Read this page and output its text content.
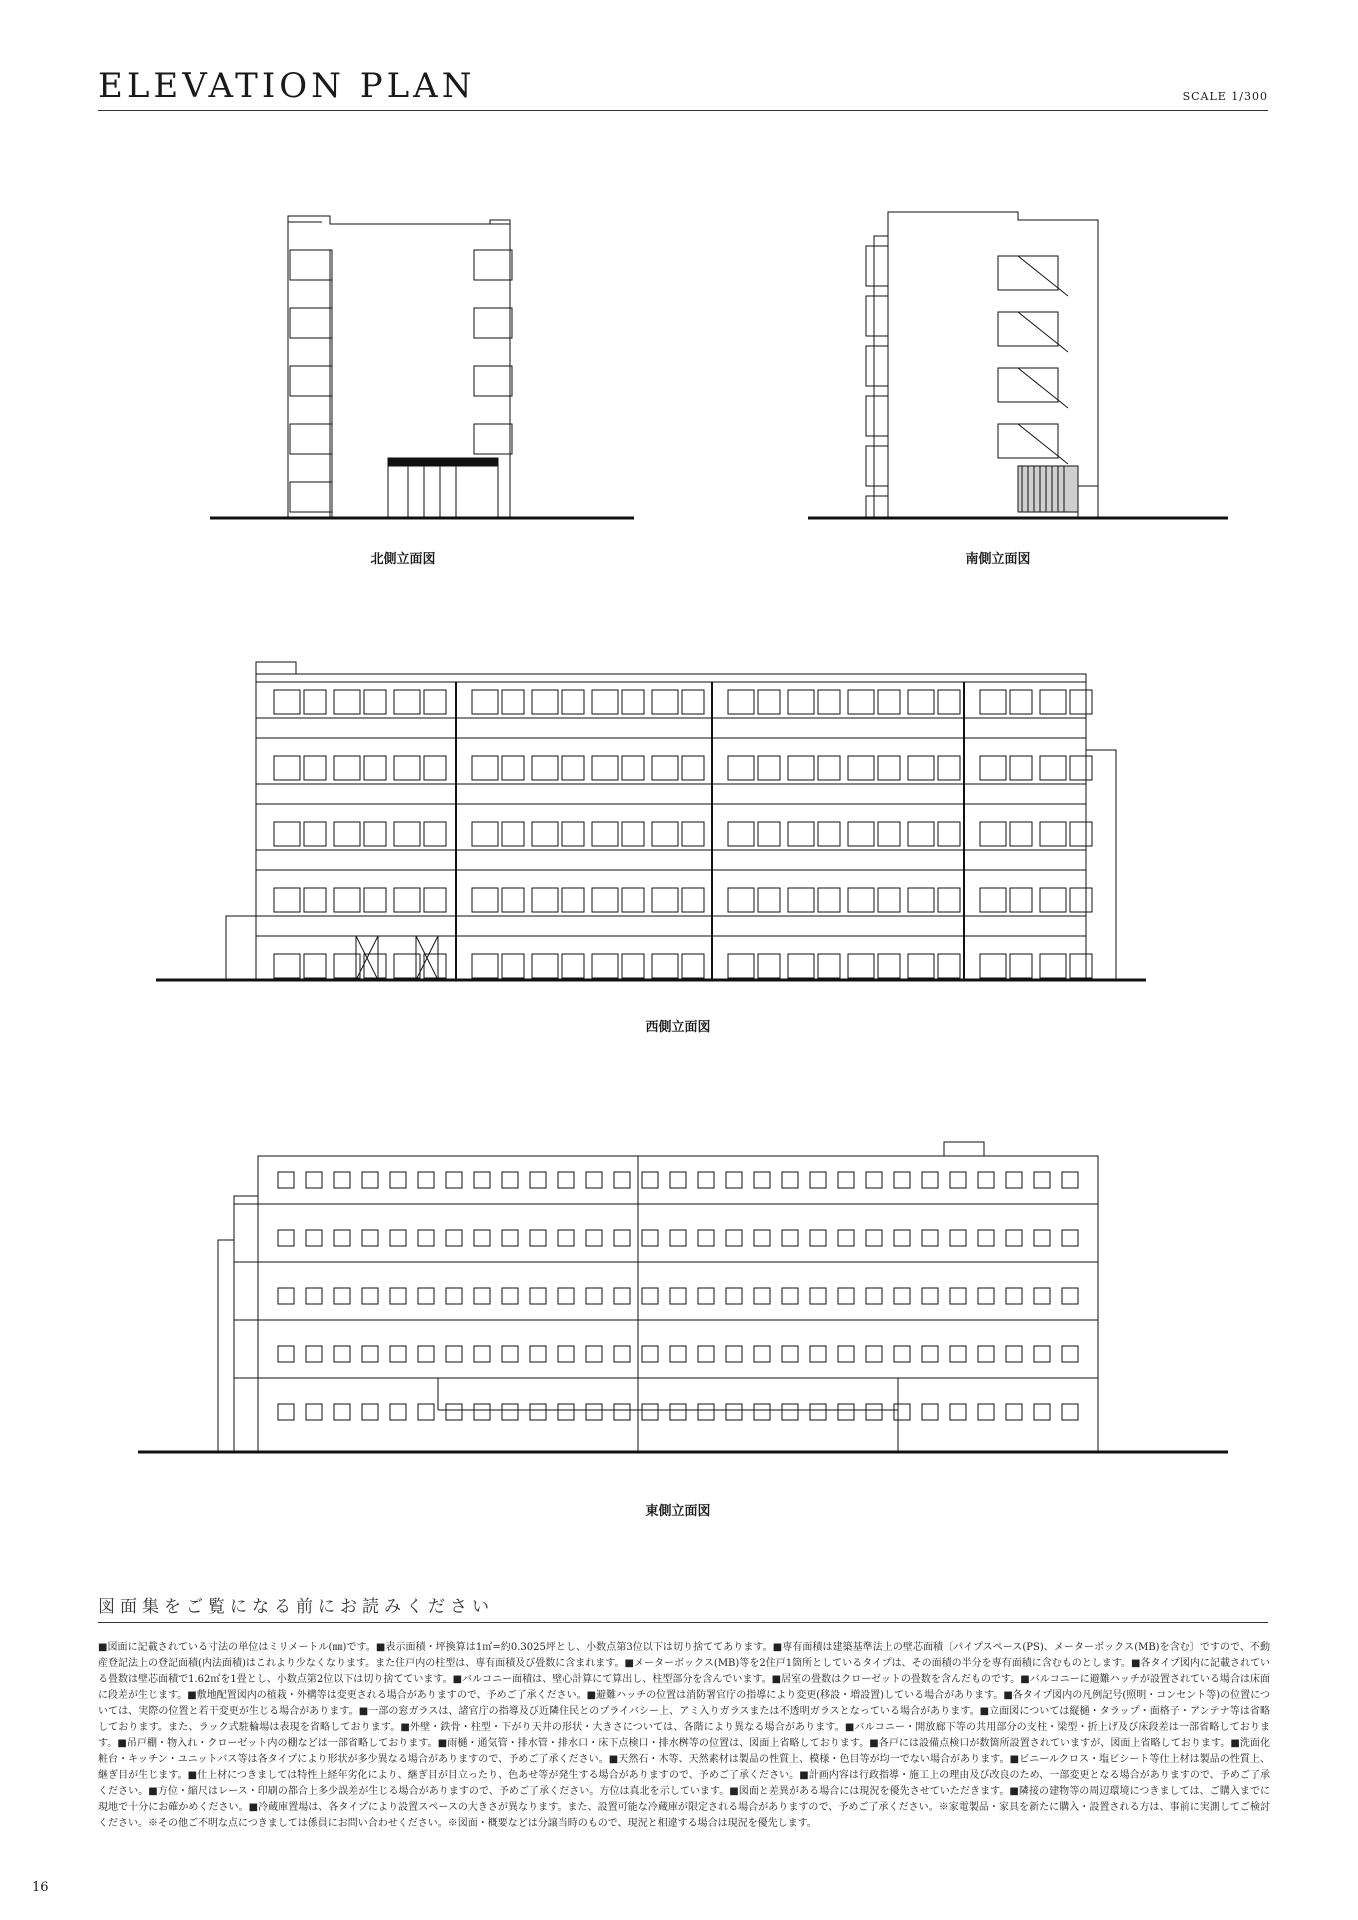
ELEVATION PLAN	SCALE 1/300
北側立面図	南側立面図
西側立面図
東側立面図
図面集をご覧になる前にお読みください
■図面に記載されている寸法の単位はミリメートル(㎜)です。■表示面積・坪換算は1㎡=約0.3025坪とし、小数点第3位以下は切り捨ててあります。■専有面積は建築基準法上の壁芯面積〔パイプスペース(PS)、メーターボックス(MB)を含む〕ですので、不動産登記法上の登記面積(内法面積)はこれより少なくなります。また住戸内の柱型は、専有面積及び畳数に含まれます。■メーターボックス(MB)等を2住戸1箇所としているタイプは、その面積の半分を専有面積に含むものとします。■各タイプ図内に記載されている畳数は壁芯面積で1.62㎡を1畳とし、小数点第2位以下は切り捨てています。■バルコニー面積は、壁心計算にて算出し、柱型部分を含んでいます。■居室の畳数はクローゼットの畳数を含んだものです。■バルコニーに避難ハッチが設置されている場合は床面に段差が生じます。■敷地配置図内の植栽・外構等は変更される場合がありますので、予めご了承ください。■避難ハッチの位置は消防署官庁の指導により変更(移設・増設置)している場合があります。■各タイプ図内の凡例記号(照明・コンセント等)の位置については、実際の位置と若干変更が生じる場合があります。■一部の窓ガラスは、諸官庁の指導及び近隣住民とのプライバシー上、アミ入りガラスまたは不透明ガラスとなっている場合があります。■立面図については縦樋・タラップ・面格子・アンテナ等は省略しております。また、ラック式駐輪場は表現を省略しております。■外壁・鉄骨・柱型・下がり天井の形状・大きさについては、各階により異なる場合があります。■バルコニー・開放廊下等の共用部分の支柱・梁型・折上げ及び床段差は一部省略しております。■吊戸棚・物入れ・クローゼット内の棚などは一部省略しております。■雨樋・通気管・排水管・排水口・床下点検口・排水桝等の位置は、図面上省略しております。■各戸には設備点検口が数箇所設置されていますが、図面上省略しております。■洗面化粧台・キッチン・ユニットバス等は各タイプにより形状が多少異なる場合がありますので、予めご了承ください。■天然石・木等、天然素材は製品の性質上、模様・色目等が均一でない場合があります。■ビニールクロス・塩ビシート等仕上材は製品の性質上、継ぎ目が生じます。■仕上材につきましては特性上経年劣化により、継ぎ目が目立ったり、色あせ等が発生する場合がありますので、予めご了承ください。■計画内容は行政指導・施工上の理由及び改良のため、一部変更となる場合がありますので、予めご了承ください。■方位・縮尺はレース・印刷の都合上多少誤差が生じる場合がありますので、予めご了承ください。方位は真北を示しています。■図面と差異がある場合には現況を優先させていただきます。■隣接の建物等の周辺環境につきましては、ご購入までに現地で十分にお確かめください。■冷蔵庫置場は、各タイプにより設置スペースの大きさが異なります。また、設置可能な冷蔵庫が限定される場合がありますので、予めご了承ください。※家電製品・家具を新たに購入・設置される方は、事前に実測してご検討ください。※その他ご不明な点につきましては係員にお問い合わせください。※図面・概要などは分譲当時のもので、現況と相違する場合は現況を優先します。
16
